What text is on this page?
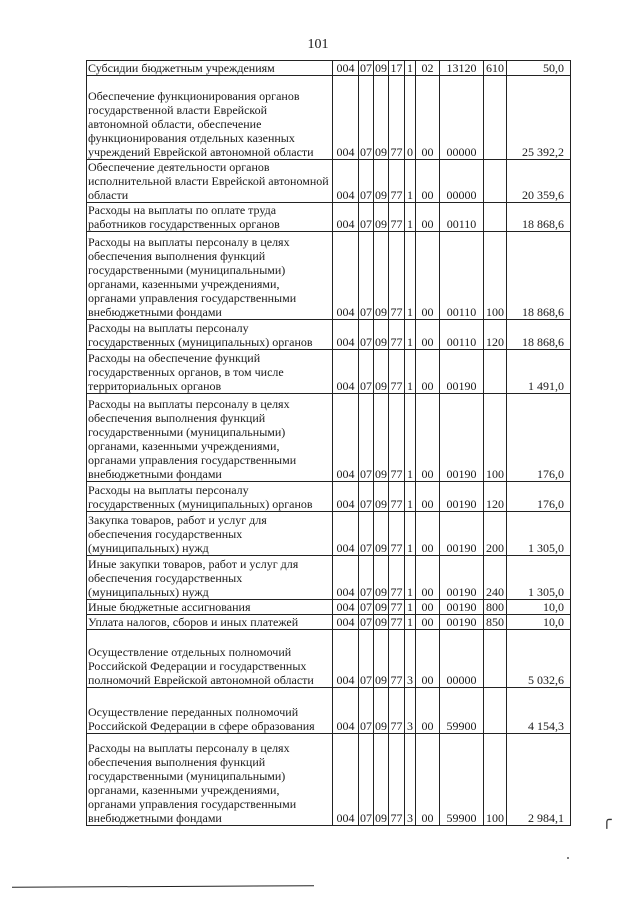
101
Субсидии бюджетным учреждениям	004	07	09	17	1	02	13120	610	50,0
Обеспечение функционирования органов государственной власти Еврейской автономной области, обеспечение функционирования отдельных казенных учреждений Еврейской автономной области	004	07	09	77	0	00	00000		25 392,2
Обеспечение деятельности органов исполнительной власти Еврейской автономной области	004	07	09	77	1	00	00000		20 359,6
Расходы на выплаты по оплате труда работников государственных органов	004	07	09	77	1	00	00110		18 868,6
Расходы на выплаты персоналу в целях обеспечения выполнения функций государственными (муниципальными) органами, казенными учреждениями, органами управления государственными внебюджетными фондами	004	07	09	77	1	00	00110	100	18 868,6
Расходы на выплаты персоналу государственных (муниципальных) органов	004	07	09	77	1	00	00110	120	18 868,6
Расходы на обеспечение функций государственных органов, в том числе территориальных органов	004	07	09	77	1	00	00190		1 491,0
Расходы на выплаты персоналу в целях обеспечения выполнения функций государственными (муниципальными) органами, казенными учреждениями, органами управления государственными внебюджетными фондами	004	07	09	77	1	00	00190	100	176,0
Расходы на выплаты персоналу государственных (муниципальных) органов	004	07	09	77	1	00	00190	120	176,0
Закупка товаров, работ и услуг для обеспечения государственных (муниципальных) нужд	004	07	09	77	1	00	00190	200	1 305,0
Иные закупки товаров, работ и услуг для обеспечения государственных (муниципальных) нужд	004	07	09	77	1	00	00190	240	1 305,0
Иные бюджетные ассигнования	004	07	09	77	1	00	00190	800	10,0
Уплата налогов, сборов и иных платежей	004	07	09	77	1	00	00190	850	10,0
Осуществление отдельных полномочий Российской Федерации и государственных полномочий Еврейской автономной области	004	07	09	77	3	00	00000		5 032,6
Осуществление переданных полномочий Российской Федерации в сфере образования	004	07	09	77	3	00	59900		4 154,3
Расходы на выплаты персоналу в целях обеспечения выполнения функций государственными (муниципальными) органами, казенными учреждениями, органами управления государственными внебюджетными фондами	004	07	09	77	3	00	59900	100	2 984,1 ╭
